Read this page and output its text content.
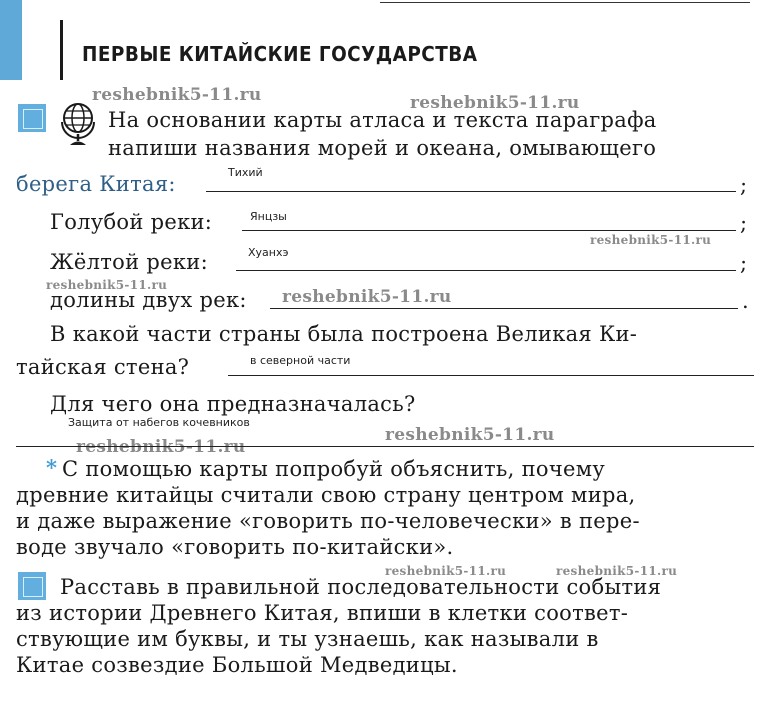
ПЕРВЫЕ КИТАЙСКИЕ ГОСУДАРСТВА
reshebnik5-11.ru	reshebnik5-11.ru
reshebnik5-11.ru
reshebnik5-11.ru
reshebnik5-11.ru
reshebnik5-11.ru
reshebnik5-11.ru
reshebnik5-11.ru	reshebnik5-11.ru
На основании карты атласа и текста параграфа
напиши названия морей и океана, омывающего
берега Китая:	Тихий
;
Голубой реки:	Янцзы	;
Жёлтой реки:	Хуанхэ	;
долины двух рек:	.
В какой части страны была построена Великая Ки-
тайская стена?	в северной части
Для чего она предназначалась?
Защита от набегов кочевников
* С помощью карты попробуй объяснить, почему
древние китайцы считали свою страну центром мира,
и даже выражение «говорить по-человечески» в пере-
воде звучало «говорить по-китайски».
Расставь в правильной последовательности события
из истории Древнего Китая, впиши в клетки соответ-
ствующие им буквы, и ты узнаешь, как называли в
Китае созвездие Большой Медведицы.
